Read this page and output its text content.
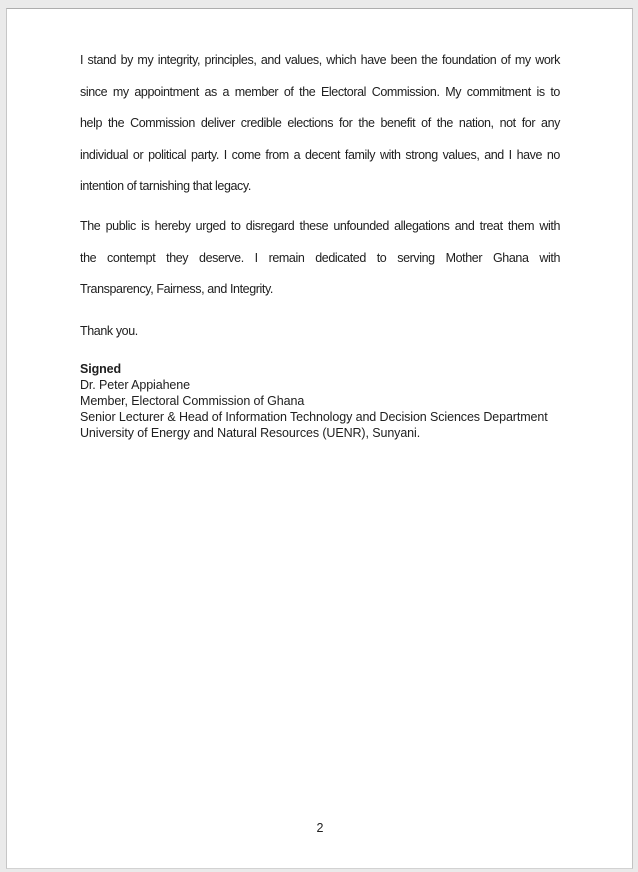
I stand by my integrity, principles, and values, which have been the foundation of my work
since my appointment as a member of the Electoral Commission. My commitment is to
help the Commission deliver credible elections for the benefit of the nation, not for any
individual or political party. I come from a decent family with strong values, and I have no
intention of tarnishing that legacy.
The public is hereby urged to disregard these unfounded allegations and treat them with
the contempt they deserve. I remain dedicated to serving Mother Ghana with
Transparency, Fairness, and Integrity.
Thank you.
Signed
Dr. Peter Appiahene
Member, Electoral Commission of Ghana
Senior Lecturer & Head of Information Technology and Decision Sciences Department
University of Energy and Natural Resources (UENR), Sunyani.
2
